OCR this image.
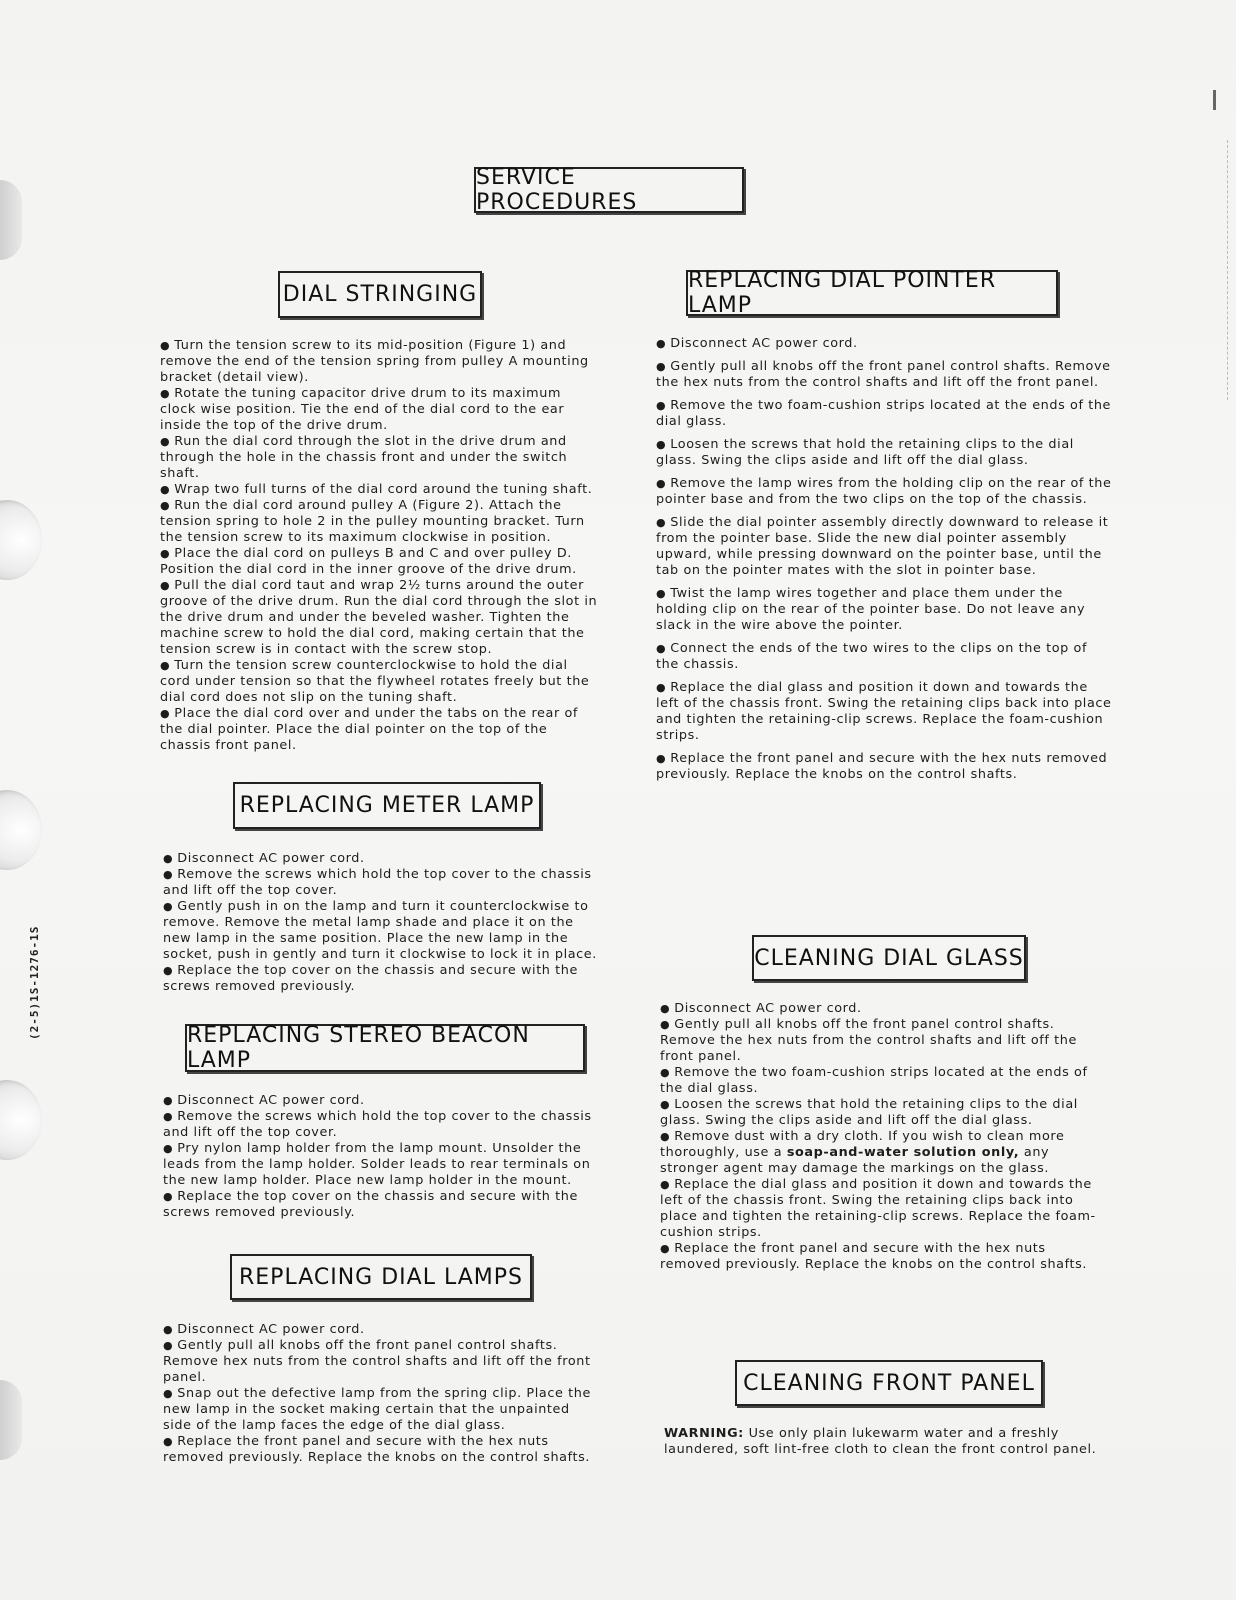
(2-5)1S-1276-1S
SERVICE PROCEDURES
DIAL STRINGING

● Turn the tension screw to its mid-position (Figure 1) and remove the end of the tension spring from pulley A mounting bracket (detail view).

● Rotate the tuning capacitor drive drum to its maximum clock wise position. Tie the end of the dial cord to the ear inside the top of the drive drum.

● Run the dial cord through the slot in the drive drum and through the hole in the chassis front and under the switch shaft.

● Wrap two full turns of the dial cord around the tuning shaft.

● Run the dial cord around pulley A (Figure 2). Attach the tension spring to hole 2 in the pulley mounting bracket. Turn the tension screw to its maximum clockwise in position.

● Place the dial cord on pulleys B and C and over pulley D. Position the dial cord in the inner groove of the drive drum.

● Pull the dial cord taut and wrap 2½ turns around the outer groove of the drive drum. Run the dial cord through the slot in the drive drum and under the beveled washer. Tighten the machine screw to hold the dial cord, making certain that the tension screw is in contact with the screw stop.

● Turn the tension screw counterclockwise to hold the dial cord under tension so that the flywheel rotates freely but the dial cord does not slip on the tuning shaft.

● Place the dial cord over and under the tabs on the rear of the dial pointer. Place the dial pointer on the top of the chassis front panel.

REPLACING METER LAMP

● Disconnect AC power cord.

● Remove the screws which hold the top cover to the chassis and lift off the top cover.

● Gently push in on the lamp and turn it counterclockwise to remove. Remove the metal lamp shade and place it on the new lamp in the same position. Place the new lamp in the socket, push in gently and turn it clockwise to lock it in place.

● Replace the top cover on the chassis and secure with the screws removed previously.

REPLACING STEREO BEACON LAMP

● Disconnect AC power cord.

● Remove the screws which hold the top cover to the chassis and lift off the top cover.

● Pry nylon lamp holder from the lamp mount. Unsolder the leads from the lamp holder. Solder leads to rear terminals on the new lamp holder. Place new lamp holder in the mount.

● Replace the top cover on the chassis and secure with the screws removed previously.

REPLACING DIAL LAMPS

● Disconnect AC power cord.

● Gently pull all knobs off the front panel control shafts. Remove hex nuts from the control shafts and lift off the front panel.

● Snap out the defective lamp from the spring clip. Place the new lamp in the socket making certain that the unpainted side of the lamp faces the edge of the dial glass.

● Replace the front panel and secure with the hex nuts removed previously. Replace the knobs on the control shafts.

REPLACING DIAL POINTER LAMP

● Disconnect AC power cord.

● Gently pull all knobs off the front panel control shafts. Remove the hex nuts from the control shafts and lift off the front panel.

● Remove the two foam-cushion strips located at the ends of the dial glass.

● Loosen the screws that hold the retaining clips to the dial glass. Swing the clips aside and lift off the dial glass.

● Remove the lamp wires from the holding clip on the rear of the pointer base and from the two clips on the top of the chassis.

● Slide the dial pointer assembly directly downward to release it from the pointer base. Slide the new dial pointer assembly upward, while pressing downward on the pointer base, until the tab on the pointer mates with the slot in pointer base.

● Twist the lamp wires together and place them under the holding clip on the rear of the pointer base. Do not leave any slack in the wire above the pointer.

● Connect the ends of the two wires to the clips on the top of the chassis.

● Replace the dial glass and position it down and towards the left of the chassis front. Swing the retaining clips back into place and tighten the retaining-clip screws. Replace the foam-cushion strips.

● Replace the front panel and secure with the hex nuts removed previously. Replace the knobs on the control shafts.

CLEANING DIAL GLASS

● Disconnect AC power cord.

● Gently pull all knobs off the front panel control shafts. Remove the hex nuts from the control shafts and lift off the front panel.

● Remove the two foam-cushion strips located at the ends of the dial glass.

● Loosen the screws that hold the retaining clips to the dial glass. Swing the clips aside and lift off the dial glass.

● Remove dust with a dry cloth. If you wish to clean more thoroughly, use a soap-and-water solution only, any stronger agent may damage the markings on the glass.

● Replace the dial glass and position it down and towards the left of the chassis front. Swing the retaining clips back into place and tighten the retaining-clip screws. Replace the foam-cushion strips.

● Replace the front panel and secure with the hex nuts removed previously. Replace the knobs on the control shafts.

CLEANING FRONT PANEL

WARNING: Use only plain lukewarm water and a freshly laundered, soft lint-free cloth to clean the front control panel.
